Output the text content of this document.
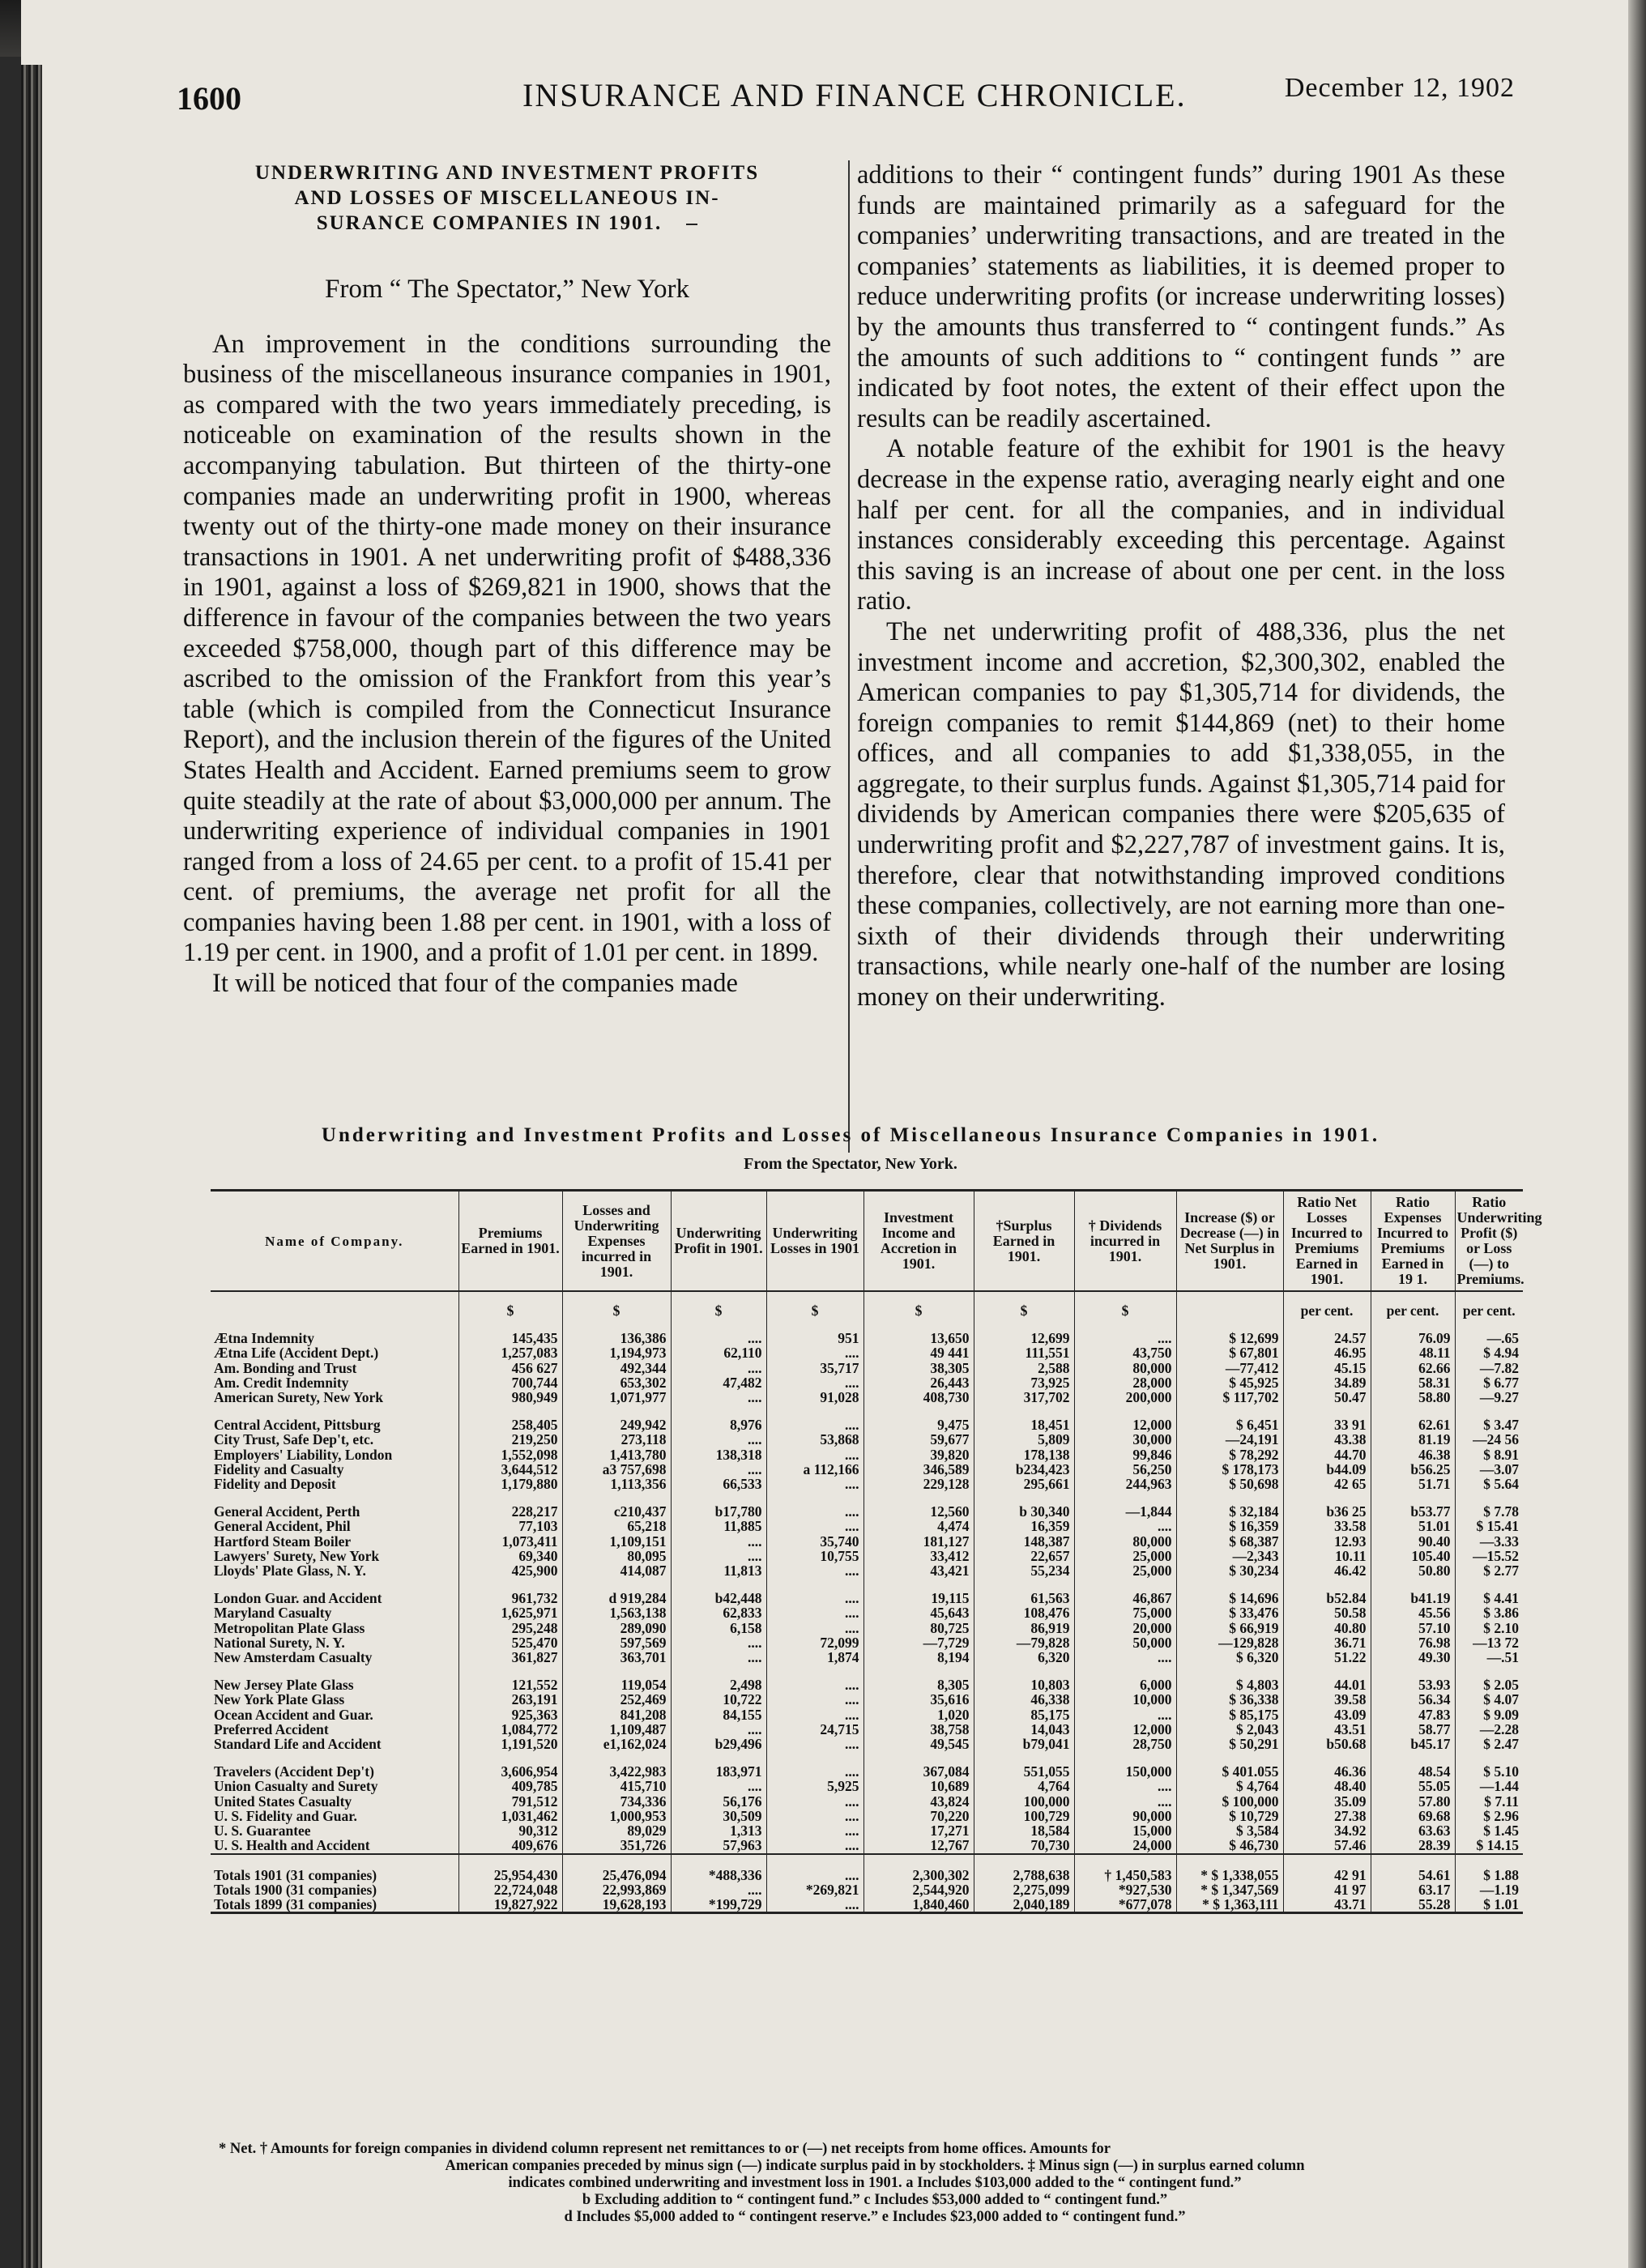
1600	INSURANCE AND FINANCE CHRONICLE.	December 12, 1902
UNDERWRITING AND INVESTMENT PROFITS
AND LOSSES OF MISCELLANEOUS IN-
SURANCE COMPANIES IN 1901.
From “ The Spectator,” New York

An improvement in the conditions surrounding the business of the miscellaneous insurance companies in 1901, as compared with the two years immediately preceding, is noticeable on examination of the results shown in the accompanying tabulation. But thirteen of the thirty-one companies made an underwriting profit in 1900, whereas twenty out of the thirty-one made money on their insurance transactions in 1901. A net underwriting profit of $488,336 in 1901, against a loss of $269,821 in 1900, shows that the difference in favour of the companies between the two years exceeded $758,000, though part of this difference may be ascribed to the omission of the Frankfort from this year’s table (which is compiled from the Connecticut Insurance Report), and the inclusion therein of the figures of the United States Health and Accident. Earned premiums seem to grow quite steadily at the rate of about $3,000,000 per annum. The underwriting experience of individual companies in 1901 ranged from a loss of 24.65 per cent. to a profit of 15.41 per cent. of premiums, the average net profit for all the companies having been 1.88 per cent. in 1901, with a loss of 1.19 per cent. in 1900, and a profit of 1.01 per cent. in 1899.

It will be noticed that four of the companies made

additions to their “ contingent funds” during 1901 As these funds are maintained primarily as a safeguard for the companies’ underwriting transactions, and are treated in the companies’ statements as liabilities, it is deemed proper to reduce underwriting profits (or increase underwriting losses) by the amounts thus transferred to “ contingent funds.” As the amounts of such additions to “ contingent funds ” are indicated by foot notes, the extent of their effect upon the results can be readily ascertained.

A notable feature of the exhibit for 1901 is the heavy decrease in the expense ratio, averaging nearly eight and one half per cent. for all the companies, and in individual instances considerably exceeding this percentage. Against this saving is an increase of about one per cent. in the loss ratio.

The net underwriting profit of 488,336, plus the net investment income and accretion, $2,300,302, enabled the American companies to pay $1,305,714 for dividends, the foreign companies to remit $144,869 (net) to their home offices, and all companies to add $1,338,055, in the aggregate, to their surplus funds. Against $1,305,714 paid for dividends by American companies there were $205,635 of underwriting profit and $2,227,787 of investment gains. It is, therefore, clear that notwithstanding improved conditions these companies, collectively, are not earning more than one-sixth of their dividends through their underwriting transactions, while nearly one-half of the number are losing money on their underwriting.

Underwriting and Investment Profits and Losses of Miscellaneous Insurance Companies in 1901.
From the Spectator, New York.
Name of Company.	Premiums Earned in 1901.	Losses and Underwriting Expenses incurred in 1901.	Underwriting Profit in 1901.	Underwriting Losses in 1901	Investment Income and Accretion in 1901.	†Surplus Earned in 1901.	† Dividends incurred in 1901.	Increase ($) or Decrease (—) in Net Surplus in 1901.	Ratio Net Losses Incurred to Premiums Earned in 1901.	Ratio Expenses Incurred to Premiums Earned in 19 1.	Ratio Underwriting Profit ($) or Loss (—) to Premiums.
	$	$	$	$	$	$	$		per cent.	per cent.	per cent.
Ætna Indemnity	145,435	136,386	....	951	13,650	12,699	....	$ 12,699	24.57	76.09	—.65
Ætna Life (Accident Dept.)	1,257,083	1,194,973	62,110	....	49 441	111,551	43,750	$ 67,801	46.95	48.11	$ 4.94
Am. Bonding and Trust	456 627	492,344	....	35,717	38,305	2,588	80,000	—77,412	45.15	62.66	—7.82
Am. Credit Indemnity	700,744	653,302	47,482	....	26,443	73,925	28,000	$ 45,925	34.89	58.31	$ 6.77
American Surety, New York	980,949	1,071,977	....	91,028	408,730	317,702	200,000	$ 117,702	50.47	58.80	—9.27
Central Accident, Pittsburg	258,405	249,942	8,976	....	9,475	18,451	12,000	$ 6,451	33 91	62.61	$ 3.47
City Trust, Safe Dep't, etc.	219,250	273,118	....	53,868	59,677	5,809	30,000	—24,191	43.38	81.19	—24 56
Employers' Liability, London	1,552,098	1,413,780	138,318	....	39,820	178,138	99,846	$ 78,292	44.70	46.38	$ 8.91
Fidelity and Casualty	3,644,512	a3 757,698	....	a 112,166	346,589	b234,423	56,250	$ 178,173	b44.09	b56.25	—3.07
Fidelity and Deposit	1,179,880	1,113,356	66,533	....	229,128	295,661	244,963	$ 50,698	42 65	51.71	$ 5.64
General Accident, Perth	228,217	c210,437	b17,780	....	12,560	b 30,340	—1,844	$ 32,184	b36 25	b53.77	$ 7.78
General Accident, Phil	77,103	65,218	11,885	....	4,474	16,359	....	$ 16,359	33.58	51.01	$ 15.41
Hartford Steam Boiler	1,073,411	1,109,151	....	35,740	181,127	148,387	80,000	$ 68,387	12.93	90.40	—3.33
Lawyers' Surety, New York	69,340	80,095	....	10,755	33,412	22,657	25,000	—2,343	10.11	105.40	—15.52
Lloyds' Plate Glass, N. Y.	425,900	414,087	11,813	....	43,421	55,234	25,000	$ 30,234	46.42	50.80	$ 2.77
London Guar. and Accident	961,732	d 919,284	b42,448	....	19,115	61,563	46,867	$ 14,696	b52.84	b41.19	$ 4.41
Maryland Casualty	1,625,971	1,563,138	62,833	....	45,643	108,476	75,000	$ 33,476	50.58	45.56	$ 3.86
Metropolitan Plate Glass	295,248	289,090	6,158	....	80,725	86,919	20,000	$ 66,919	40.80	57.10	$ 2.10
National Surety, N. Y.	525,470	597,569	....	72,099	—7,729	—79,828	50,000	—129,828	36.71	76.98	—13 72
New Amsterdam Casualty	361,827	363,701	....	1,874	8,194	6,320	....	$ 6,320	51.22	49.30	—.51
New Jersey Plate Glass	121,552	119,054	2,498	....	8,305	10,803	6,000	$ 4,803	44.01	53.93	$ 2.05
New York Plate Glass	263,191	252,469	10,722	....	35,616	46,338	10,000	$ 36,338	39.58	56.34	$ 4.07
Ocean Accident and Guar.	925,363	841,208	84,155	....	1,020	85,175	....	$ 85,175	43.09	47.83	$ 9.09
Preferred Accident	1,084,772	1,109,487	....	24,715	38,758	14,043	12,000	$ 2,043	43.51	58.77	—2.28
Standard Life and Accident	1,191,520	e1,162,024	b29,496	....	49,545	b79,041	28,750	$ 50,291	b50.68	b45.17	$ 2.47
Travelers (Accident Dep't)	3,606,954	3,422,983	183,971	....	367,084	551,055	150,000	$ 401.055	46.36	48.54	$ 5.10
Union Casualty and Surety	409,785	415,710	....	5,925	10,689	4,764	....	$ 4,764	48.40	55.05	—1.44
United States Casualty	791,512	734,336	56,176	....	43,824	100,000	....	$ 100,000	35.09	57.80	$ 7.11
U. S. Fidelity and Guar.	1,031,462	1,000,953	30,509	....	70,220	100,729	90,000	$ 10,729	27.38	69.68	$ 2.96
U. S. Guarantee	90,312	89,029	1,313	....	17,271	18,584	15,000	$ 3,584	34.92	63.63	$ 1.45
U. S. Health and Accident	409,676	351,726	57,963	....	12,767	70,730	24,000	$ 46,730	57.46	28.39	$ 14.15
Totals 1901 (31 companies)	25,954,430	25,476,094	*488,336	....	2,300,302	2,788,638	† 1,450,583	* $ 1,338,055	42 91	54.61	$ 1.88
Totals 1900 (31 companies)	22,724,048	22,993,869	....	*269,821	2,544,920	2,275,099	*927,530	* $ 1,347,569	41 97	63.17	—1.19
Totals 1899 (31 companies)	19,827,922	19,628,193	*199,729	....	1,840,460	2,040,189	*677,078	* $ 1,363,111	43.71	55.28	$ 1.01
* Net. † Amounts for foreign companies in dividend column represent net remittances to or (—) net receipts from home offices. Amounts for
American companies preceded by minus sign (—) indicate surplus paid in by stockholders. ‡ Minus sign (—) in surplus earned column
indicates combined underwriting and investment loss in 1901. a Includes $103,000 added to the “ contingent fund.”
b Excluding addition to “ contingent fund.” c Includes $53,000 added to “ contingent fund.”
d Includes $5,000 added to “ contingent reserve.” e Includes $23,000 added to “ contingent fund.”
